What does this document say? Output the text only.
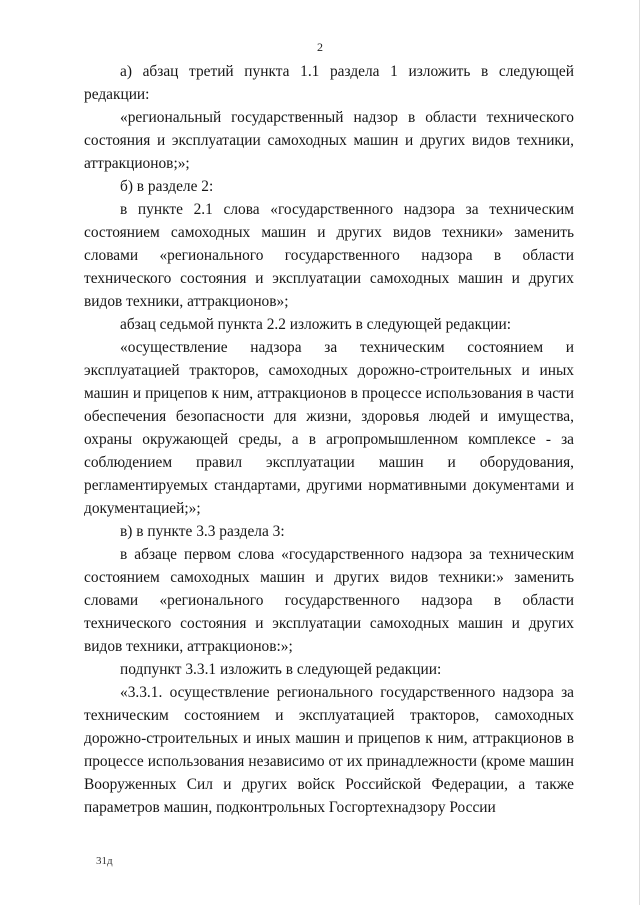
2

а) абзац третий пункта 1.1 раздела 1 изложить в следующей редакции:

«региональный государственный надзор в области технического состояния и эксплуатации самоходных машин и других видов техники, аттракционов;»;

б) в разделе 2:

в пункте 2.1 слова «государственного надзора за техническим состоянием самоходных машин и других видов техники» заменить словами «регионального государственного надзора в области технического состояния и эксплуатации самоходных машин и других видов техники, аттракционов»;

абзац седьмой пункта 2.2 изложить в следующей редакции:

«осуществление надзора за техническим состоянием и эксплуатацией тракторов, самоходных дорожно-строительных и иных машин и прицепов к ним, аттракционов в процессе использования в части обеспечения безопасности для жизни, здоровья людей и имущества, охраны окружающей среды, а в агропромышленном комплексе - за соблюдением правил эксплуатации машин и оборудования, регламентируемых стандартами, другими нормативными документами и документацией;»;

в) в пункте 3.3 раздела 3:

в абзаце первом слова «государственного надзора за техническим состоянием самоходных машин и других видов техники:» заменить словами «регионального государственного надзора в области технического состояния и эксплуатации самоходных машин и других видов техники, аттракционов:»;

подпункт 3.3.1 изложить в следующей редакции:

«3.3.1. осуществление регионального государственного надзора за техническим состоянием и эксплуатацией тракторов, самоходных дорожно-строительных и иных машин и прицепов к ним, аттракционов в процессе использования независимо от их принадлежности (кроме машин Вооруженных Сил и других войск Российской Федерации, а также параметров машин, подконтрольных Госгортехнадзору России

31д
